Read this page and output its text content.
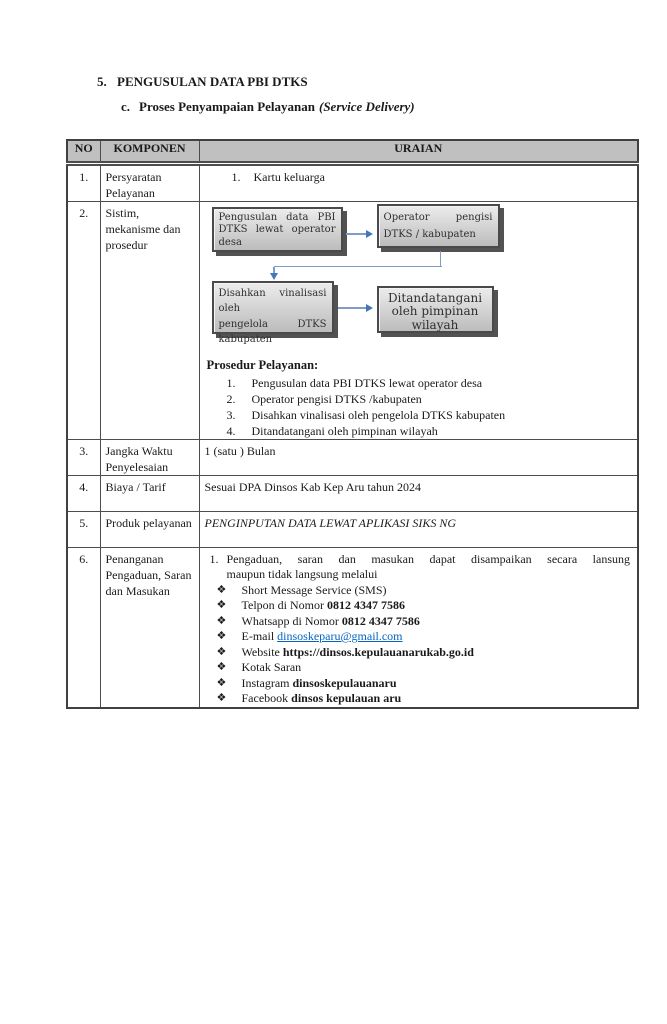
5. PENGUSULAN DATA PBI DTKS
c. Proses Penyampaian Pelayanan (Service Delivery)
NO	KOMPONEN	URAIAN
1.	Persyaratan Pelayanan	1. Kartu keluarga

2.	Sistim, mekanisme dan prosedur	
Pengusulan data PBI
DTKS lewat operator
desa
Operator pengisi
DTKS / kabupaten
Disahkan vinalisasi oleh
pengelola DTKS
kabupaten
Ditandatangani
oleh pimpinan
wilayah
Prosedur Pelayanan:
1.	Pengusulan data PBI DTKS lewat operator desa
2.	Operator pengisi DTKS /kabupaten
3.	Disahkan vinalisasi oleh pengelola DTKS kabupaten
4.	Ditandatangani oleh pimpinan wilayah

3.	Jangka Waktu Penyelesaian	1 (satu ) Bulan
4.	Biaya / Tarif	Sesuai DPA Dinsos Kab Kep Aru tahun 2024
5.	Produk pelayanan	PENGINPUTAN DATA LEWAT APLIKASI SIKS NG
6.	Penanganan Pengaduan, Saran dan Masukan	
1. Pengaduan, saran dan masukan dapat disampaikan secara lansung
maupun tidak langsung melalui
❖	Short Message Service (SMS)
❖	Telpon di Nomor 0812 4347 7586
❖	Whatsapp di Nomor 0812 4347 7586
❖	E-mail dinsoskeparu@gmail.com
❖	Website https://dinsos.kepulauanarukab.go.id
❖	Kotak Saran
❖	Instagram dinsoskepulauanaru
❖	Facebook dinsos kepulauan aru
